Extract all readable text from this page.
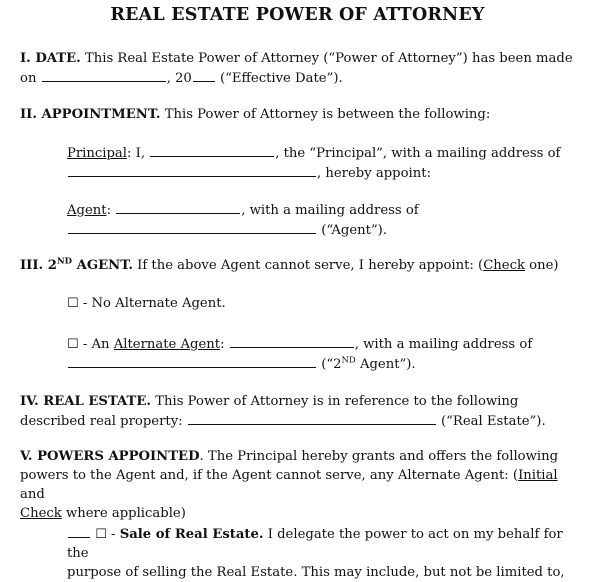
REAL ESTATE POWER OF ATTORNEY
I. DATE. This Real Estate Power of Attorney (“Power of Attorney”) has been made
on	, 20 (“Effective Date”).
II. APPOINTMENT. This Power of Attorney is between the following:
Principal: I,	, the “Principal”, with a mailing address of
, hereby appoint:
Agent:	, with a mailing address of
(“Agent”).
III. 2ND AGENT. If the above Agent cannot serve, I hereby appoint: (Check one)
☐ - No Alternate Agent.
☐ - An Alternate Agent:	, with a mailing address of
(“2ND Agent”).
IV. REAL ESTATE. This Power of Attorney is in reference to the following
described real property:	(“Real Estate”).
V. POWERS APPOINTED. The Principal hereby grants and offers the following
powers to the Agent and, if the Agent cannot serve, any Alternate Agent: (Initial and
Check where applicable)
☐ - Sale of Real Estate. I delegate the power to act on my behalf for the
purpose of selling the Real Estate. This may include, but not be limited to,
